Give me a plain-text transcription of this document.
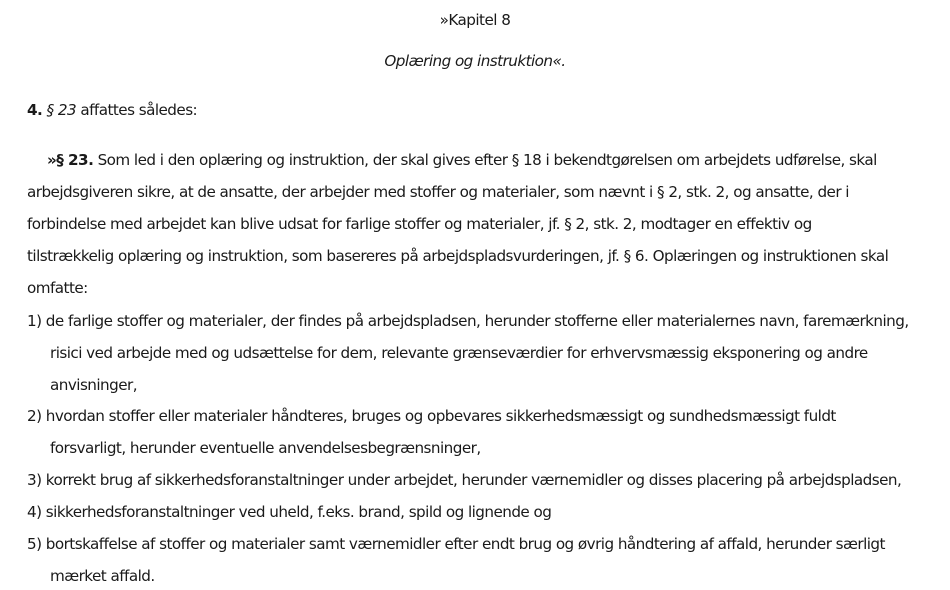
»Kapitel 8
Oplæring og instruktion«.
4. § 23 affattes således:
»§ 23. Som led i den oplæring og instruktion, der skal gives efter § 18 i bekendtgørelsen om arbejdets udførelse, skal
arbejdsgiveren sikre, at de ansatte, der arbejder med stoffer og materialer, som nævnt i § 2, stk. 2, og ansatte, der i
forbindelse med arbejdet kan blive udsat for farlige stoffer og materialer, jf. § 2, stk. 2, modtager en effektiv og
tilstrækkelig oplæring og instruktion, som basereres på arbejdspladsvurderingen, jf. § 6. Oplæringen og instruktionen skal
omfatte:
1) de farlige stoffer og materialer, der findes på arbejdspladsen, herunder stofferne eller materialernes navn, faremærkning,
risici ved arbejde med og udsættelse for dem, relevante grænseværdier for erhvervsmæssig eksponering og andre
anvisninger,
2) hvordan stoffer eller materialer håndteres, bruges og opbevares sikkerhedsmæssigt og sundhedsmæssigt fuldt
forsvarligt, herunder eventuelle anvendelsesbegrænsninger,
3) korrekt brug af sikkerhedsforanstaltninger under arbejdet, herunder værnemidler og disses placering på arbejdspladsen,
4) sikkerhedsforanstaltninger ved uheld, f.eks. brand, spild og lignende og
5) bortskaffelse af stoffer og materialer samt værnemidler efter endt brug og øvrig håndtering af affald, herunder særligt
mærket affald.
